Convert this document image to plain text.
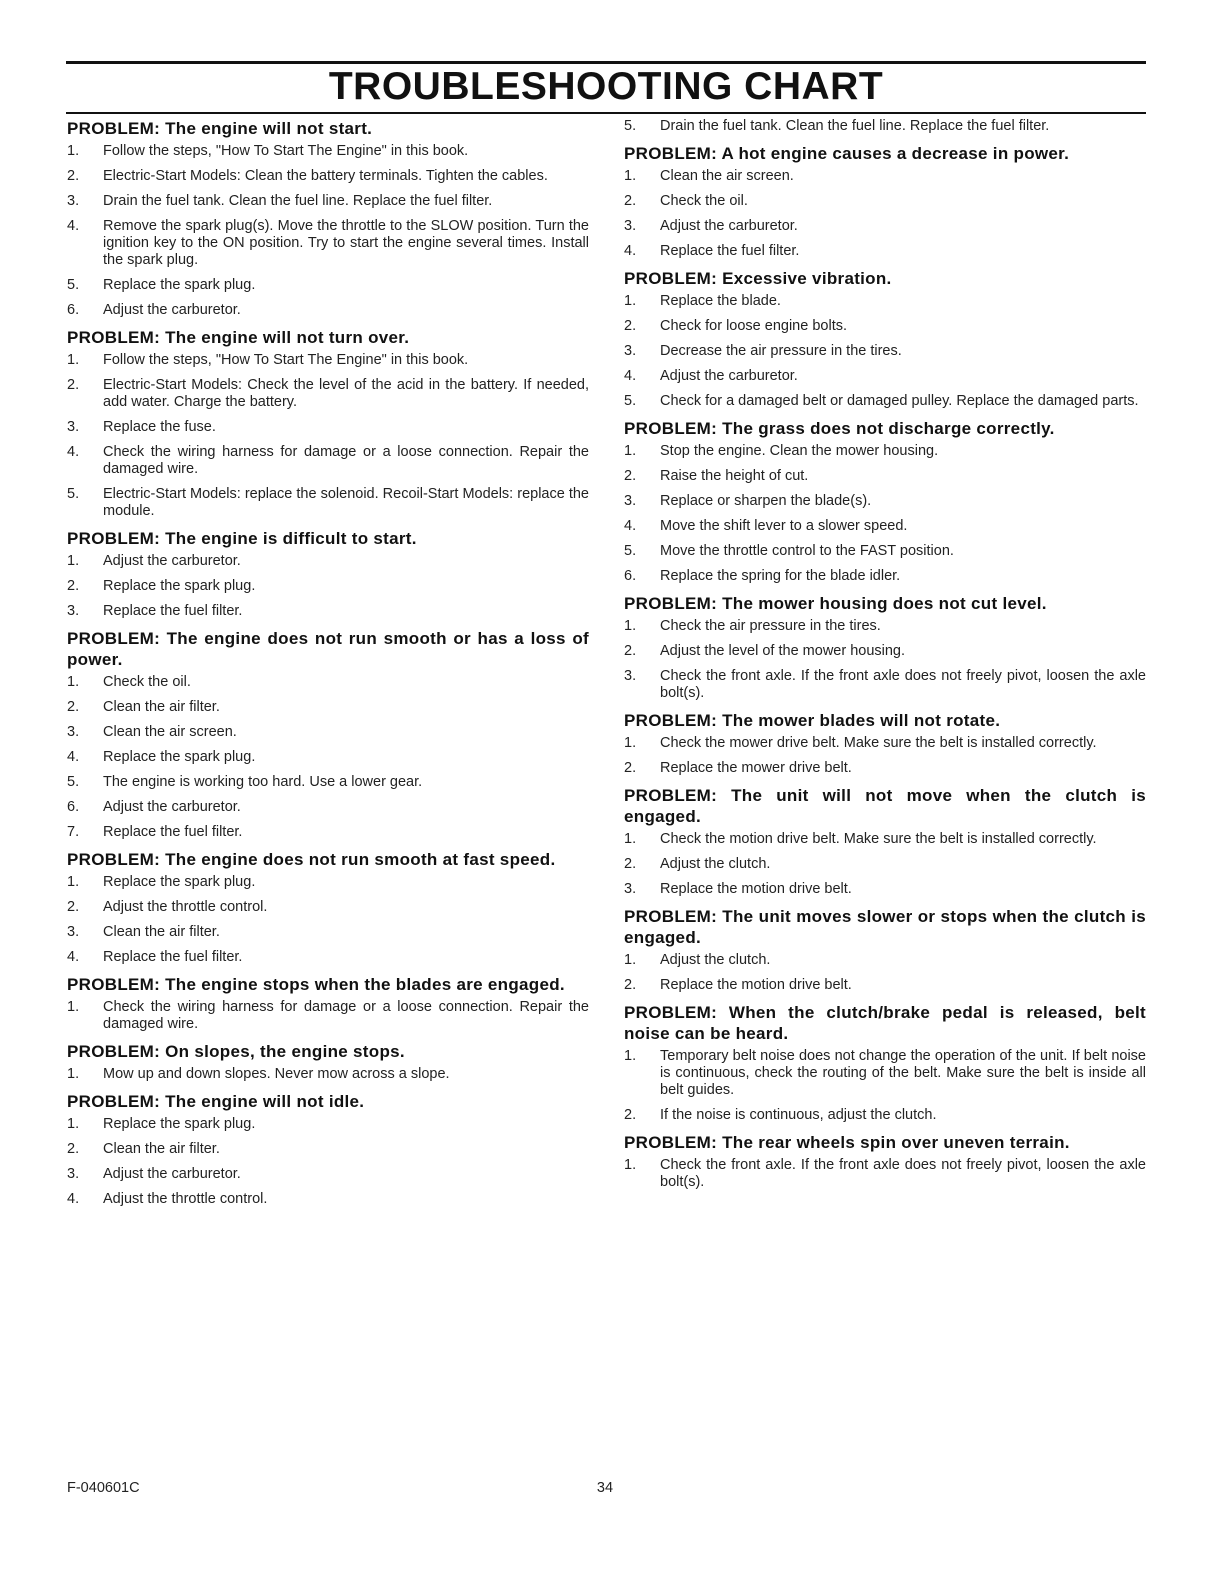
TROUBLESHOOTING CHART
PROBLEM: The engine will not start.
1.	Follow the steps, "How To Start The Engine" in this book.
2.	Electric-Start Models: Clean the battery terminals. Tighten the cables.
3.	Drain the fuel tank. Clean the fuel line. Replace the fuel filter.
4.	Remove the spark plug(s). Move the throttle to the SLOW position. Turn the ignition key to the ON position. Try to start the engine several times. Install the spark plug.
5.	Replace the spark plug.
6.	Adjust the carburetor.
PROBLEM: The engine will not turn over.
1.	Follow the steps, "How To Start The Engine" in this book.
2.	Electric-Start Models: Check the level of the acid in the battery. If needed, add water. Charge the battery.
3.	Replace the fuse.
4.	Check the wiring harness for damage or a loose connection. Repair the damaged wire.
5.	Electric-Start Models: replace the solenoid. Recoil-Start Models: replace the module.
PROBLEM: The engine is difficult to start.
1.	Adjust the carburetor.
2.	Replace the spark plug.
3.	Replace the fuel filter.
PROBLEM: The engine does not run smooth or has a loss of power.
1.	Check the oil.
2.	Clean the air filter.
3.	Clean the air screen.
4.	Replace the spark plug.
5.	The engine is working too hard. Use a lower gear.
6.	Adjust the carburetor.
7.	Replace the fuel filter.
PROBLEM: The engine does not run smooth at fast speed.
1.	Replace the spark plug.
2.	Adjust the throttle control.
3.	Clean the air filter.
4.	Replace the fuel filter.
PROBLEM: The engine stops when the blades are engaged.
1.	Check the wiring harness for damage or a loose connection. Repair the damaged wire.
PROBLEM: On slopes, the engine stops.
1.	Mow up and down slopes. Never mow across a slope.
PROBLEM: The engine will not idle.
1.	Replace the spark plug.
2.	Clean the air filter.
3.	Adjust the carburetor.
4.	Adjust the throttle control.
5.	Drain the fuel tank. Clean the fuel line. Replace the fuel filter.
PROBLEM: A hot engine causes a decrease in power.
1.	Clean the air screen.
2.	Check the oil.
3.	Adjust the carburetor.
4.	Replace the fuel filter.
PROBLEM: Excessive vibration.
1.	Replace the blade.
2.	Check for loose engine bolts.
3.	Decrease the air pressure in the tires.
4.	Adjust the carburetor.
5.	Check for a damaged belt or damaged pulley. Replace the damaged parts.
PROBLEM: The grass does not discharge correctly.
1.	Stop the engine. Clean the mower housing.
2.	Raise the height of cut.
3.	Replace or sharpen the blade(s).
4.	Move the shift lever to a slower speed.
5.	Move the throttle control to the FAST position.
6.	Replace the spring for the blade idler.
PROBLEM: The mower housing does not cut level.
1.	Check the air pressure in the tires.
2.	Adjust the level of the mower housing.
3.	Check the front axle. If the front axle does not freely pivot, loosen the axle bolt(s).
PROBLEM: The mower blades will not rotate.
1.	Check the mower drive belt. Make sure the belt is installed correctly.
2.	Replace the mower drive belt.
PROBLEM: The unit will not move when the clutch is engaged.
1.	Check the motion drive belt. Make sure the belt is installed correctly.
2.	Adjust the clutch.
3.	Replace the motion drive belt.
PROBLEM: The unit moves slower or stops when the clutch is engaged.
1.	Adjust the clutch.
2.	Replace the motion drive belt.
PROBLEM: When the clutch/brake pedal is released, belt noise can be heard.
1.	Temporary belt noise does not change the operation of the unit. If belt noise is continuous, check the routing of the belt. Make sure the belt is inside all belt guides.
2.	If the noise is continuous, adjust the clutch.
PROBLEM: The rear wheels spin over uneven terrain.
1.	Check the front axle. If the front axle does not freely pivot, loosen the axle bolt(s).
F-040601C	34
